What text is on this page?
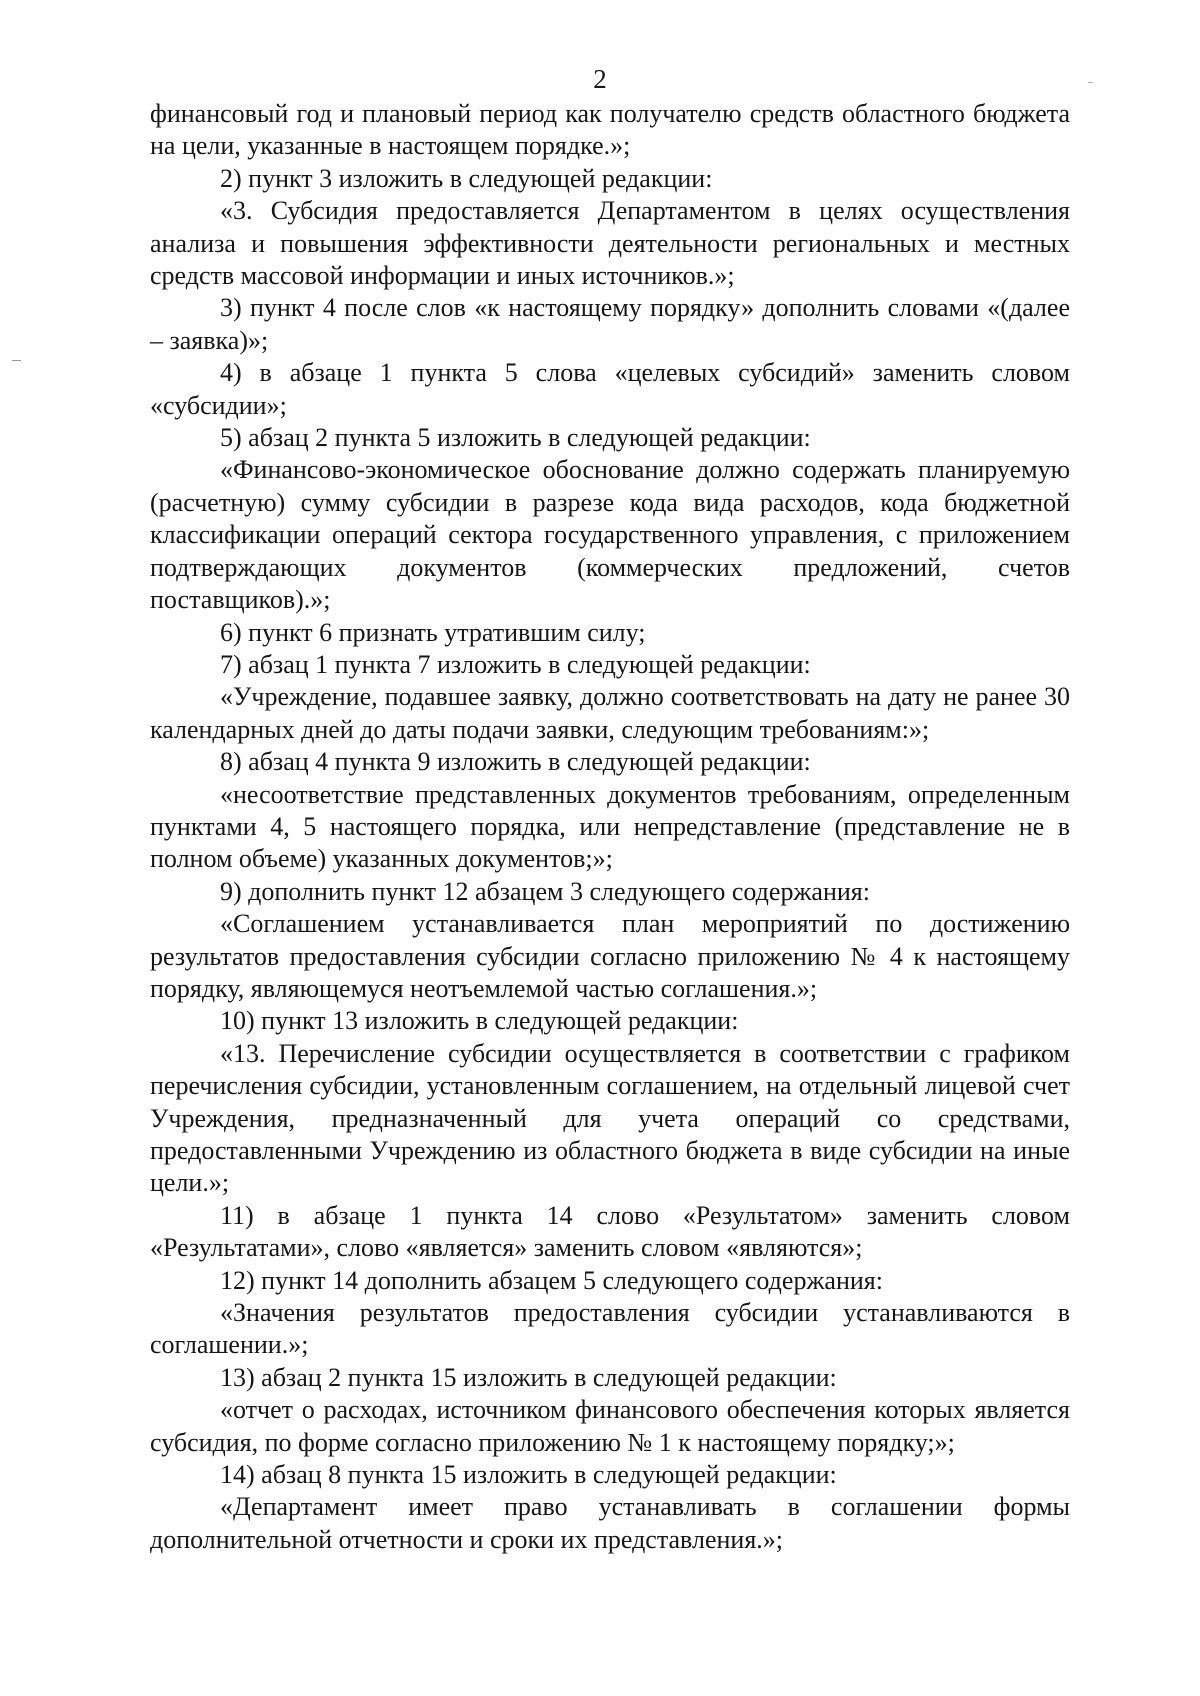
2

финансовый год и плановый период как получателю средств областного бюджета на цели, указанные в настоящем порядке.»;

2) пункт 3 изложить в следующей редакции:

«3. Субсидия предоставляется Департаментом в целях осуществления анализа и повышения эффективности деятельности региональных и местных средств массовой информации и иных источников.»;

3) пункт 4 после слов «к настоящему порядку» дополнить словами «(далее – заявка)»;

4) в абзаце 1 пункта 5 слова «целевых субсидий» заменить словом «субсидии»;

5) абзац 2 пункта 5 изложить в следующей редакции:

«Финансово-экономическое обоснование должно содержать планируемую (расчетную) сумму субсидии в разрезе кода вида расходов, кода бюджетной классификации операций сектора государственного управления, с приложением подтверждающих документов (коммерческих предложений, счетов поставщиков).»;

6) пункт 6 признать утратившим силу;

7) абзац 1 пункта 7 изложить в следующей редакции:

«Учреждение, подавшее заявку, должно соответствовать на дату не ранее 30 календарных дней до даты подачи заявки, следующим требованиям:»;

8) абзац 4 пункта 9 изложить в следующей редакции:

«несоответствие представленных документов требованиям, определенным пунктами 4, 5 настоящего порядка, или непредставление (представление не в полном объеме) указанных документов;»;

9) дополнить пункт 12 абзацем 3 следующего содержания:

«Соглашением устанавливается план мероприятий по достижению результатов предоставления субсидии согласно приложению № 4 к настоящему порядку, являющемуся неотъемлемой частью соглашения.»;

10) пункт 13 изложить в следующей редакции:

«13. Перечисление субсидии осуществляется в соответствии с графиком перечисления субсидии, установленным соглашением, на отдельный лицевой счет Учреждения, предназначенный для учета операций со средствами, предоставленными Учреждению из областного бюджета в виде субсидии на иные цели.»;

11) в абзаце 1 пункта 14 слово «Результатом» заменить словом «Результатами», слово «является» заменить словом «являются»;

12) пункт 14 дополнить абзацем 5 следующего содержания:

«Значения результатов предоставления субсидии устанавливаются в соглашении.»;

13) абзац 2 пункта 15 изложить в следующей редакции:

«отчет о расходах, источником финансового обеспечения которых является субсидия, по форме согласно приложению № 1 к настоящему порядку;»;

14) абзац 8 пункта 15 изложить в следующей редакции:

«Департамент имеет право устанавливать в соглашении формы дополнительной отчетности и сроки их представления.»;
